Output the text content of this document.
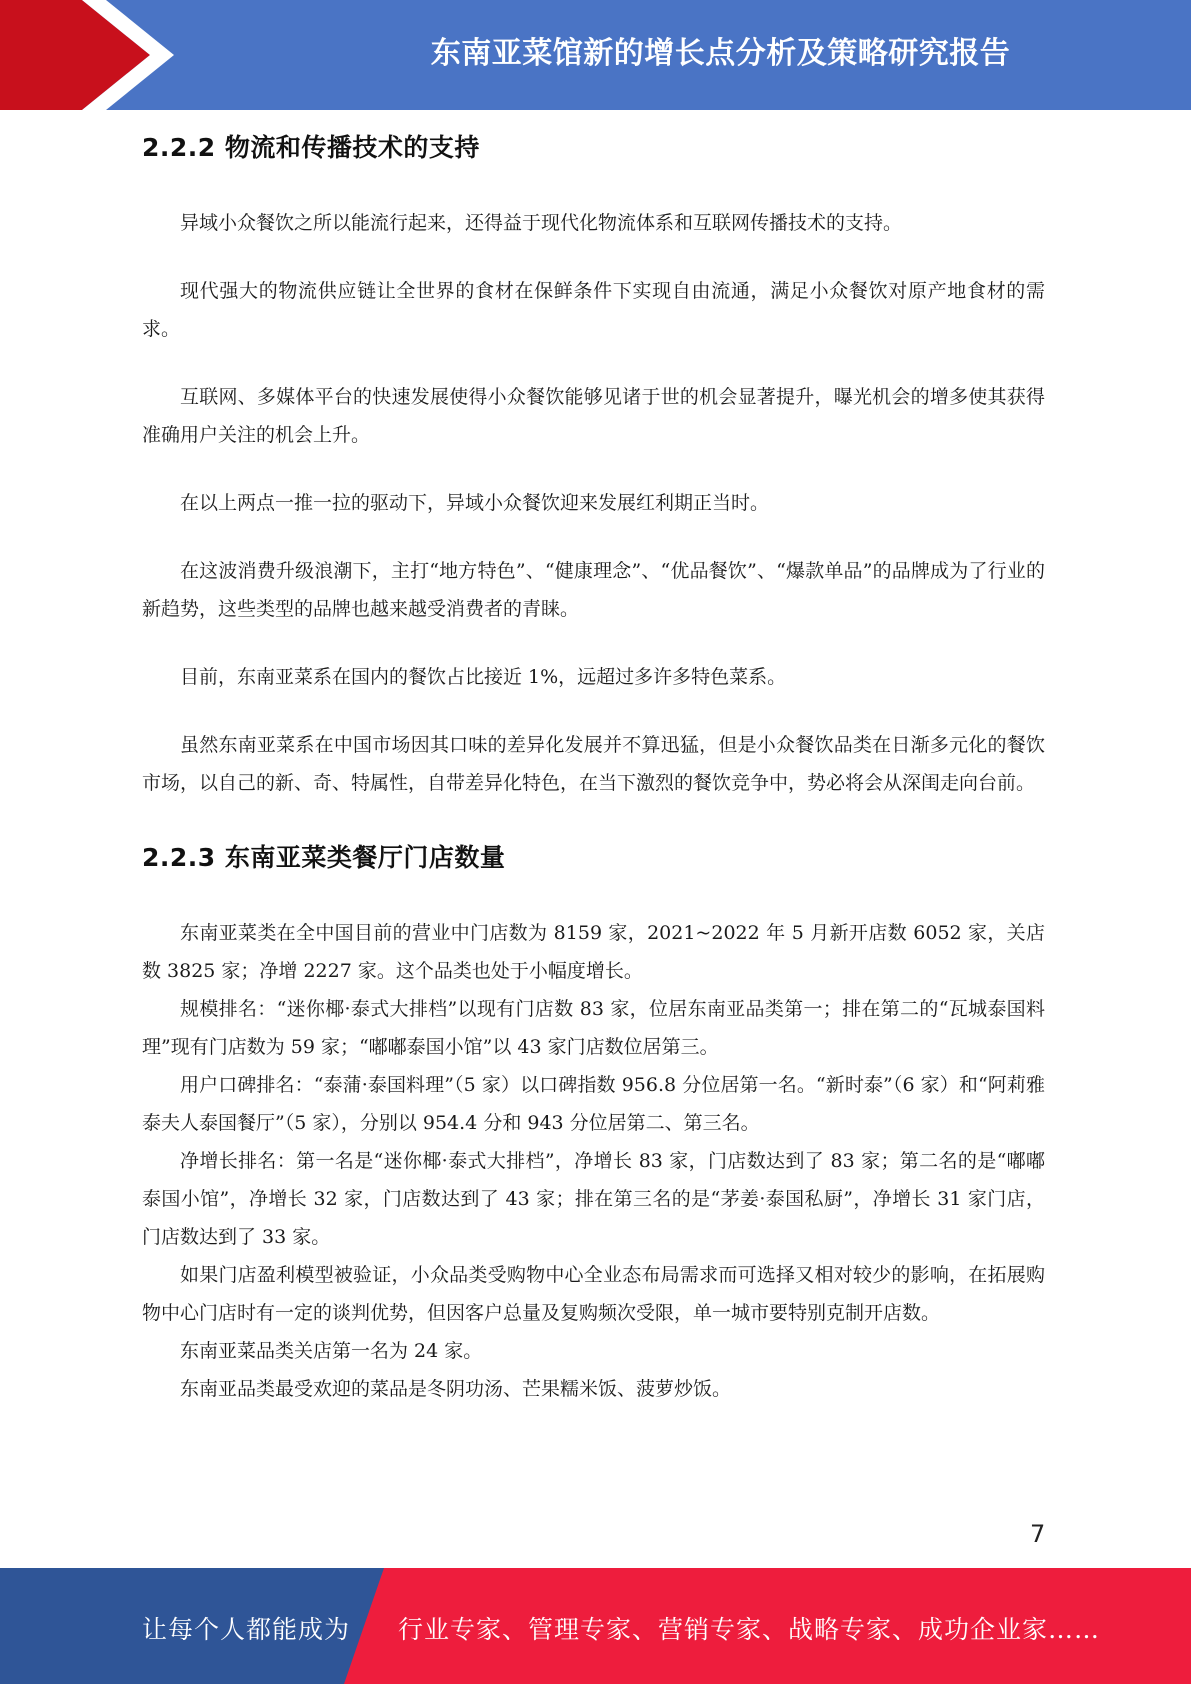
东南亚菜馆新的增长点分析及策略研究报告
2.2.2 物流和传播技术的支持

异域小众餐饮之所以能流行起来，还得益于现代化物流体系和互联网传播技术的支持。

现代强大的物流供应链让全世界的食材在保鲜条件下实现自由流通，满足小众餐饮对原产地食材的需求。

互联网、多媒体平台的快速发展使得小众餐饮能够见诸于世的机会显著提升，曝光机会的增多使其获得准确用户关注的机会上升。

在以上两点一推一拉的驱动下，异域小众餐饮迎来发展红利期正当时。

在这波消费升级浪潮下，主打“地方特色”、“健康理念”、“优品餐饮”、“爆款单品”的品牌成为了行业的新趋势，这些类型的品牌也越来越受消费者的青睐。

目前，东南亚菜系在国内的餐饮占比接近 1%，远超过多许多特色菜系。

虽然东南亚菜系在中国市场因其口味的差异化发展并不算迅猛，但是小众餐饮品类在日渐多元化的餐饮市场，以自己的新、奇、特属性，自带差异化特色，在当下激烈的餐饮竞争中，势必将会从深闺走向台前。

2.2.3 东南亚菜类餐厅门店数量

东南亚菜类在全中国目前的营业中门店数为 8159 家，2021~2022 年 5 月新开店数 6052 家，关店数 3825 家；净增 2227 家。这个品类也处于小幅度增长。

规模排名：“迷你椰·泰式大排档”以现有门店数 83 家，位居东南亚品类第一；排在第二的“瓦城泰国料理”现有门店数为 59 家；“嘟嘟泰国小馆”以 43 家门店数位居第三。

用户口碑排名：“泰蒲·泰国料理”（5 家）以口碑指数 956.8 分位居第一名。“新时泰”（6 家）和“阿莉雅泰夫人泰国餐厅”（5 家），分别以 954.4 分和 943 分位居第二、第三名。

净增长排名：第一名是“迷你椰·泰式大排档”，净增长 83 家，门店数达到了 83 家；第二名的是“嘟嘟泰国小馆”，净增长 32 家，门店数达到了 43 家；排在第三名的是“茅姜·泰国私厨”，净增长 31 家门店，门店数达到了 33 家。

如果门店盈利模型被验证，小众品类受购物中心全业态布局需求而可选择又相对较少的影响，在拓展购物中心门店时有一定的谈判优势，但因客户总量及复购频次受限，单一城市要特别克制开店数。

东南亚菜品类关店第一名为 24 家。

东南亚品类最受欢迎的菜品是冬阴功汤、芒果糯米饭、菠萝炒饭。

7
让每个人都能成为 行业专家、管理专家、营销专家、战略专家、成功企业家……
